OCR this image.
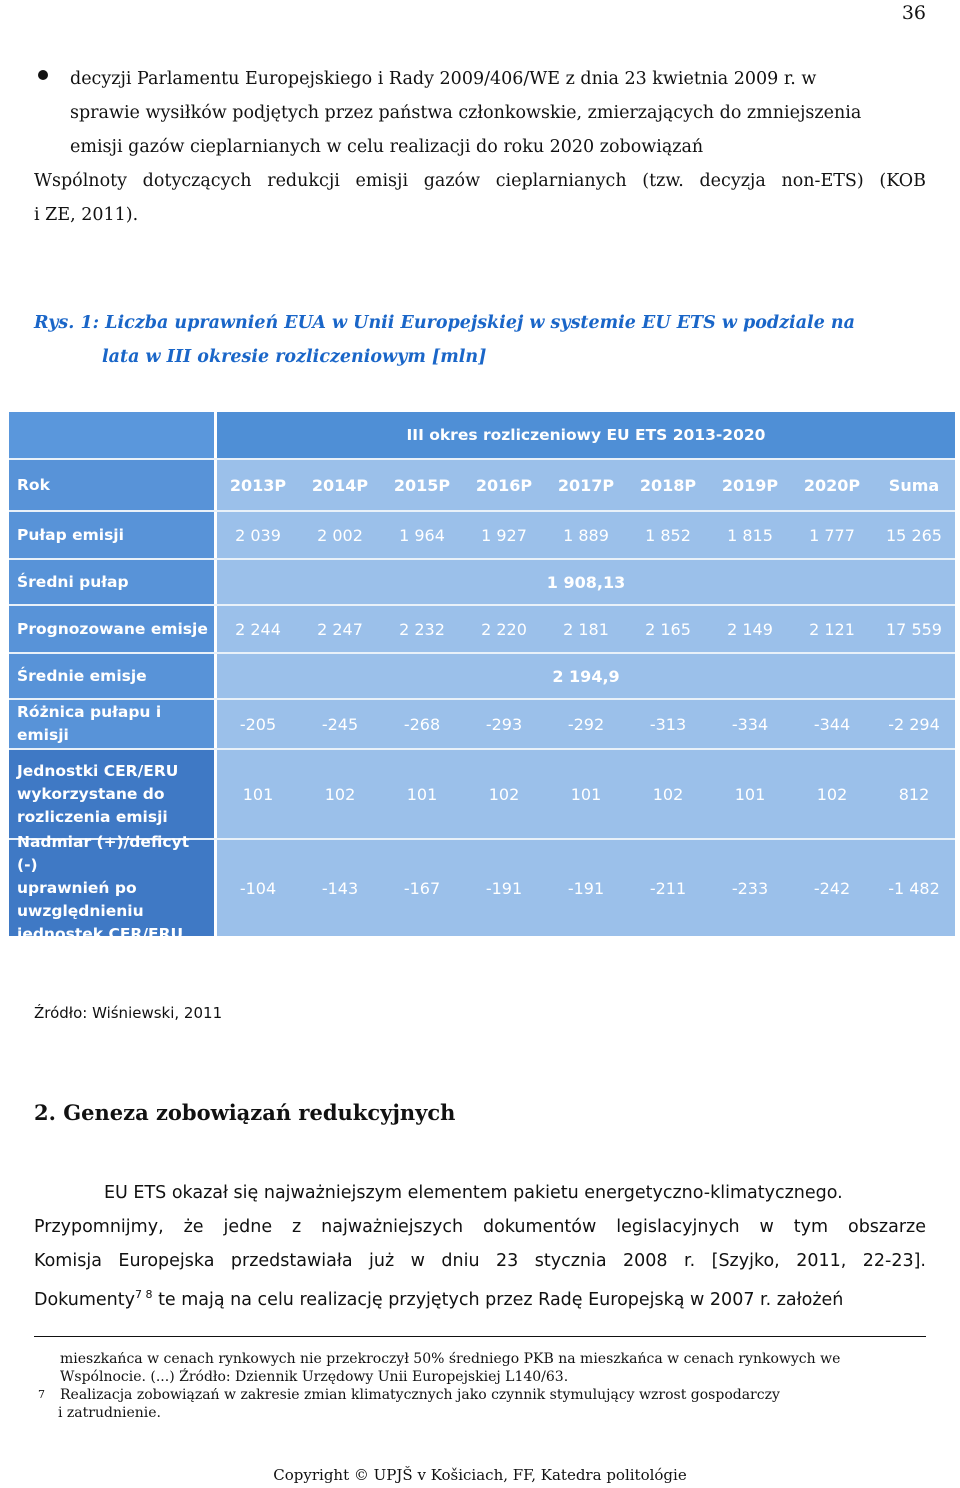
36
decyzji Parlamentu Europejskiego i Rady 2009/406/WE z dnia 23 kwietnia 2009 r. w
sprawie wysiłków podjętych przez państwa członkowskie, zmierzających do zmniejszenia
emisji gazów cieplarnianych w celu realizacji do roku 2020 zobowiązań
Wspólnoty dotyczących redukcji emisji gazów cieplarnianych (tzw. decyzja non-ETS) (KOB
i ZE, 2011).
Rys. 1: Liczba uprawnień EUA w Unii Europejskiej w systemie EU ETS w podziale na
lata w III okresie rozliczeniowym [mln]
III okres rozliczeniowy EU ETS 2013-2020
Rok	2013P	2014P	2015P	2016P	2017P	2018P	2019P	2020P	Suma
Pułap emisji	2 039	2 002	1 964	1 927	1 889	1 852	1 815	1 777	15 265
Średni pułap	1 908,13
Prognozowane emisje	2 244	2 247	2 232	2 220	2 181	2 165	2 149	2 121	17 559
Średnie emisje	2 194,9
Różnica pułapu i emisji
-205	-245	-268	-293	-292	-313	-334	-344	-2 294
Jednostki CER/ERU
wykorzystane do
rozliczenia emisji
101	102	101	102	101	102	101	102	812
Nadmiar (+)/deficyt (-)
uprawnień po
uwzględnieniu
jednostek CER/ERU
-104	-143	-167	-191	-191	-211	-233	-242	-1 482
Źródło: Wiśniewski, 2011
2. Geneza zobowiązań redukcyjnych
EU ETS okazał się najważniejszym elementem pakietu energetyczno-klimatycznego.
Przypomnijmy, że jedne z najważniejszych dokumentów legislacyjnych w tym obszarze
Komisja Europejska przedstawiała już w dniu 23 stycznia 2008 r. [Szyjko, 2011, 22-23].
Dokumenty$^{7 8}$ te mają na celu realizację przyjętych przez Radę Europejską w 2007 r. założeń
mieszkańca w cenach rynkowych nie przekroczył 50% średniego PKB na mieszkańca w cenach rynkowych we
Wspólnocie. (...) Źródło: Dziennik Urzędowy Unii Europejskiej L140/63.
7	Realizacja zobowiązań w zakresie zmian klimatycznych jako czynnik stymulujący wzrost gospodarczy
i zatrudnienie.
Copyright © UPJŠ v Košiciach, FF, Katedra politológie
